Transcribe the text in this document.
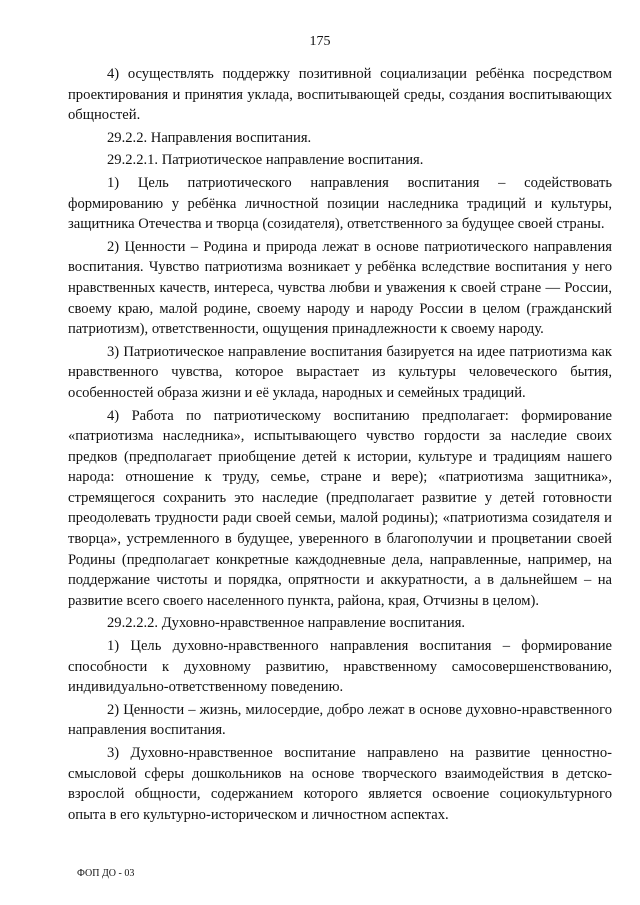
175

4) осуществлять поддержку позитивной социализации ребёнка посредством проектирования и принятия уклада, воспитывающей среды, создания воспитывающих общностей.

29.2.2. Направления воспитания.

29.2.2.1. Патриотическое направление воспитания.

1) Цель патриотического направления воспитания – содействовать формированию у ребёнка личностной позиции наследника традиций и культуры, защитника Отечества и творца (созидателя), ответственного за будущее своей страны.

2) Ценности – Родина и природа лежат в основе патриотического направления воспитания. Чувство патриотизма возникает у ребёнка вследствие воспитания у него нравственных качеств, интереса, чувства любви и уважения к своей стране — России, своему краю, малой родине, своему народу и народу России в целом (гражданский патриотизм), ответственности, ощущения принадлежности к своему народу.

3) Патриотическое направление воспитания базируется на идее патриотизма как нравственного чувства, которое вырастает из культуры человеческого бытия, особенностей образа жизни и её уклада, народных и семейных традиций.

4) Работа по патриотическому воспитанию предполагает: формирование «патриотизма наследника», испытывающего чувство гордости за наследие своих предков (предполагает приобщение детей к истории, культуре и традициям нашего народа: отношение к труду, семье, стране и вере); «патриотизма защитника», стремящегося сохранить это наследие (предполагает развитие у детей готовности преодолевать трудности ради своей семьи, малой родины); «патриотизма созидателя и творца», устремленного в будущее, уверенного в благополучии и процветании своей Родины (предполагает конкретные каждодневные дела, направленные, например, на поддержание чистоты и порядка, опрятности и аккуратности, а в дальнейшем – на развитие всего своего населенного пункта, района, края, Отчизны в целом).

29.2.2.2. Духовно-нравственное направление воспитания.

1) Цель духовно-нравственного направления воспитания – формирование способности к духовному развитию, нравственному самосовершенствованию, индивидуально-ответственному поведению.

2) Ценности – жизнь, милосердие, добро лежат в основе духовно-нравственного направления воспитания.

3) Духовно-нравственное воспитание направлено на развитие ценностно-смысловой сферы дошкольников на основе творческого взаимодействия в детско-взрослой общности, содержанием которого является освоение социокультурного опыта в его культурно-историческом и личностном аспектах.

ФОП ДО - 03
